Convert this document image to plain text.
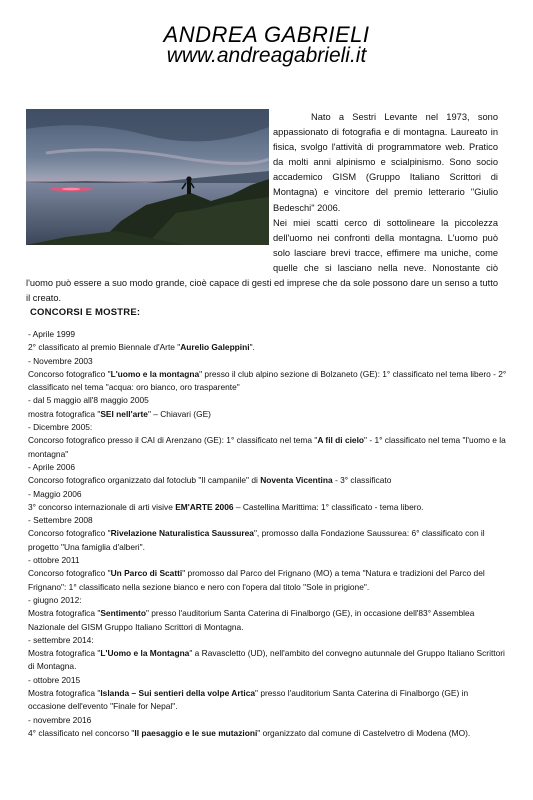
ANDREA GABRIELI
www.andreagabrieli.it

Nato a Sestri Levante nel 1973, sono appassionato di fotografia e di montagna. Laureato in fisica, svolgo l'attività di programmatore web. Pratico da molti anni alpinismo e scialpinismo. Sono socio accademico GISM (Gruppo Italiano Scrittori di Montagna) e vincitore del premio letterario "Giulio Bedeschi" 2006.

Nei miei scatti cerco di sottolineare la piccolezza dell'uomo nei confronti della montagna. L'uomo può solo lasciare brevi tracce, effimere ma uniche, come quelle che si lasciano nella neve. Nonostante ciò l'uomo può essere a suo modo grande, cioè capace di gesti ed imprese che da sole possono dare un senso a tutto il creato.

CONCORSI E MOSTRE:
- Aprile 1999
2° classificato al premio Biennale d'Arte "Aurelio Galeppini".
- Novembre 2003
Concorso fotografico "L'uomo e la montagna" presso il club alpino sezione di Bolzaneto (GE): 1° classificato nel tema libero - 2° classificato nel tema "acqua: oro bianco, oro trasparente"
- dal 5 maggio all'8 maggio 2005
mostra fotografica "SEI nell'arte" – Chiavari (GE)
- Dicembre 2005:
Concorso fotografico presso il CAI di Arenzano (GE): 1° classificato nel tema "A fil di cielo" - 1° classificato nel tema "l'uomo e la montagna"
- Aprile 2006
Concorso fotografico organizzato dal fotoclub "Il campanile" di Noventa Vicentina - 3° classificato
- Maggio 2006
3° concorso internazionale di arti visive EM'ARTE 2006 – Castellina Marittima: 1° classificato - tema libero.
- Settembre 2008
Concorso fotografico "Rivelazione Naturalistica Saussurea", promosso dalla Fondazione Saussurea: 6° classificato con il progetto "Una famiglia d'alberi".
- ottobre 2011
Concorso fotografico "Un Parco di Scatti" promosso dal Parco del Frignano (MO) a tema "Natura e tradizioni del Parco del Frignano": 1° classificato nella sezione bianco e nero con l'opera dal titolo "Sole in prigione".
- giugno 2012:
Mostra fotografica "Sentimento" presso l'auditorium Santa Caterina di Finalborgo (GE), in occasione dell'83° Assemblea Nazionale del GISM Gruppo Italiano Scrittori di Montagna.
- settembre 2014:
Mostra fotografica "L'Uomo e la Montagna" a Ravascletto (UD), nell'ambito del convegno autunnale del Gruppo Italiano Scrittori di Montagna.
- ottobre 2015
Mostra fotografica "Islanda – Sui sentieri della volpe Artica" presso l'auditorium Santa Caterina di Finalborgo (GE) in occasione dell'evento "Finale for Nepal".
- novembre 2016
4° classificato nel concorso "Il paesaggio e le sue mutazioni" organizzato dal comune di Castelvetro di Modena (MO).
